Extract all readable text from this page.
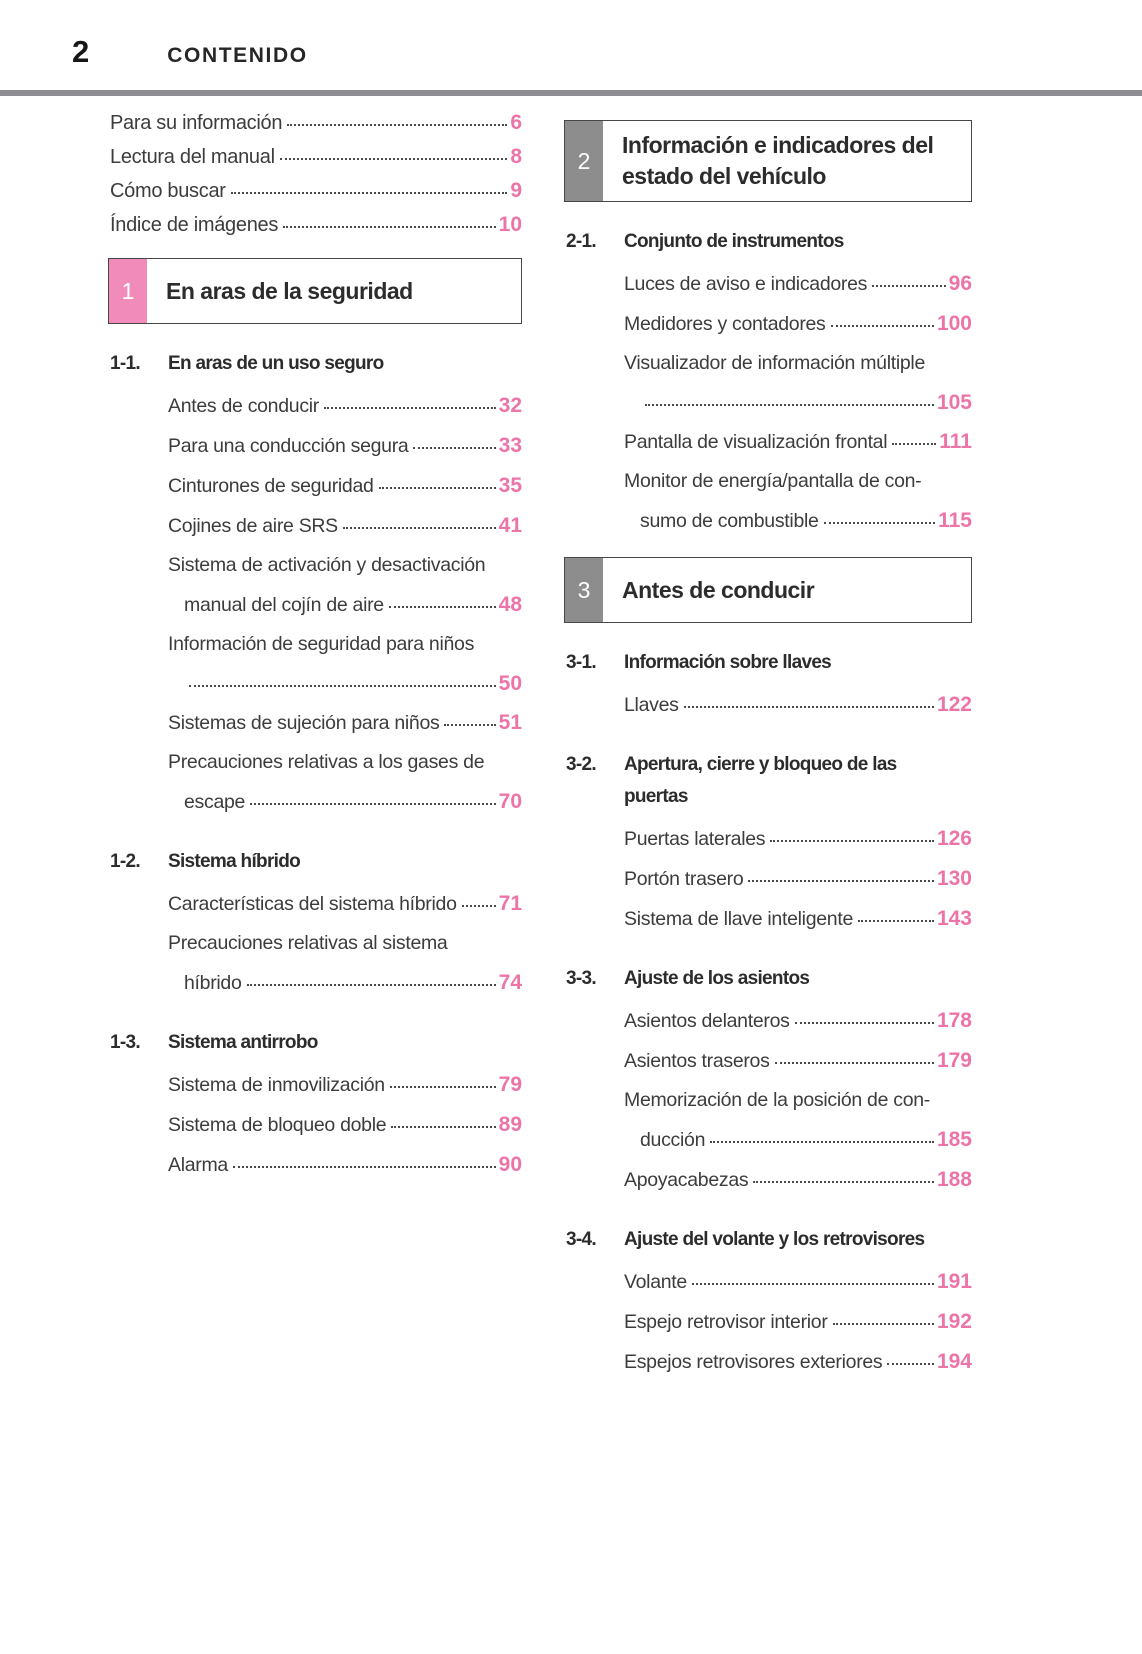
2	CONTENIDO
Para su información	6
Lectura del manual	8
Cómo buscar	9
Índice de imágenes	10
1	En aras de la seguridad
1-1.	En aras de un uso seguro
Antes de conducir	32
Para una conducción segura	33
Cinturones de seguridad	35
Cojines de aire SRS	41
Sistema de activación y desactivación
manual del cojín de aire	48
Información de seguridad para niños
50
Sistemas de sujeción para niños	51
Precauciones relativas a los gases de
escape	70
1-2.	Sistema híbrido
Características del sistema híbrido 71
Precauciones relativas al sistema
híbrido	74
1-3.	Sistema antirrobo
Sistema de inmovilización	79
Sistema de bloqueo doble	89
Alarma	90
2
Información e indicadores del
estado del vehículo
2-1.	Conjunto de instrumentos
Luces de aviso e indicadores	96
Medidores y contadores	100
Visualizador de información múltiple
105
Pantalla de visualización frontal 111
Monitor de energía/pantalla de con-
sumo de combustible	115
3	Antes de conducir
3-1.	Información sobre llaves
Llaves	122
3-2.	Apertura, cierre y bloqueo de las
puertas
Puertas laterales	126
Portón trasero	130
Sistema de llave inteligente	143
3-3.	Ajuste de los asientos
Asientos delanteros	178
Asientos traseros	179
Memorización de la posición de con-
ducción	185
Apoyacabezas	188
3-4.	Ajuste del volante y los retrovisores
Volante	191
Espejo retrovisor interior	192
Espejos retrovisores exteriores	194
